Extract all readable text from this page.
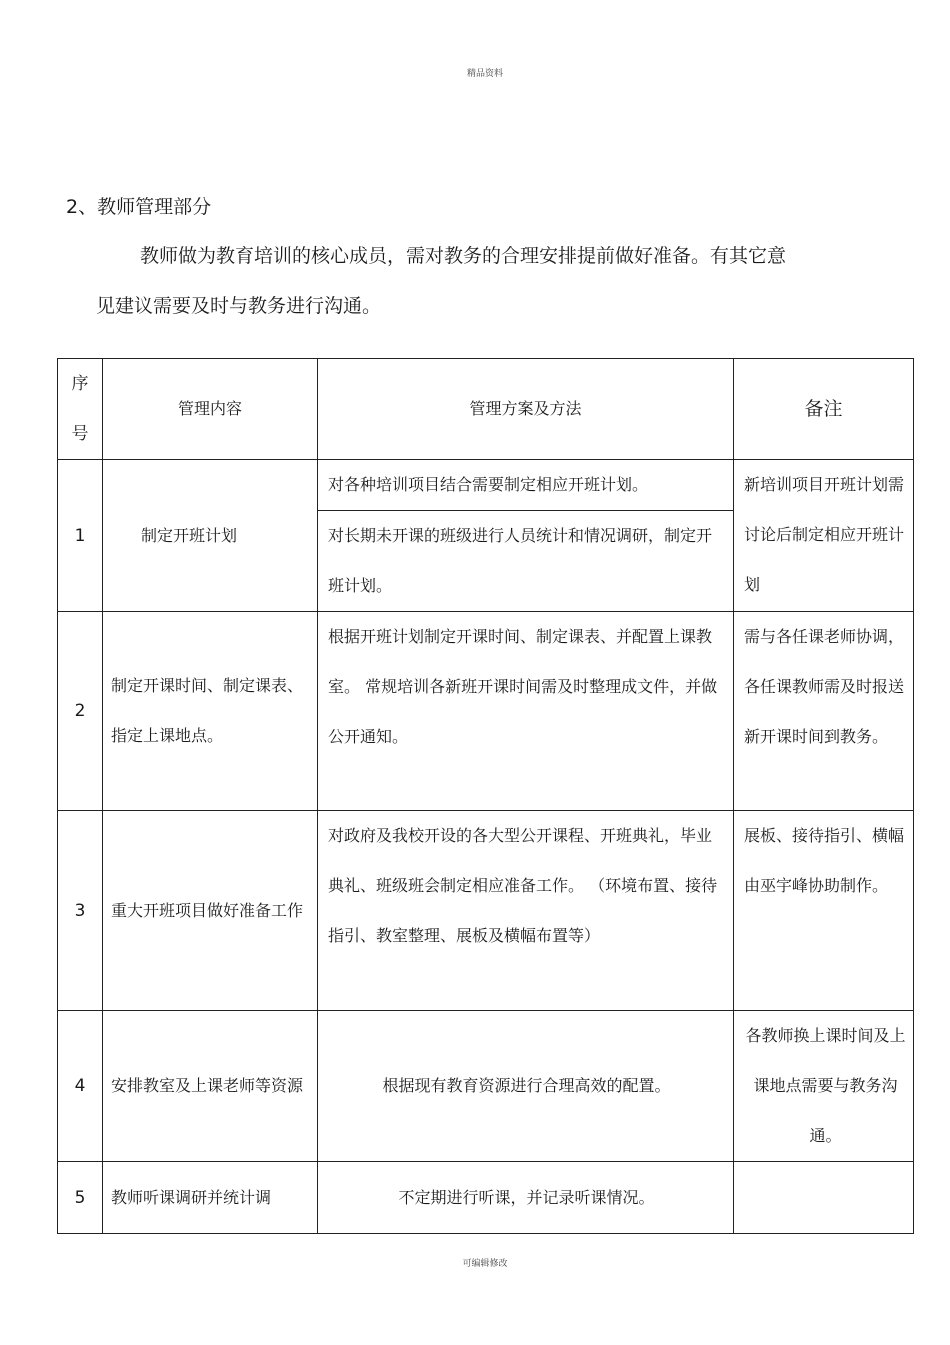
精品资料
2、教师管理部分
教师做为教育培训的核心成员，需对教务的合理安排提前做好准备。有其它意
见建议需要及时与教务进行沟通。
序
号	管理内容	管理方案及方法	备注
1	制定开班计划	对各种培训项目结合需要制定相应开班计划。	新培训项目开班计划需讨论后制定相应开班计划
		对长期未开课的班级进行人员统计和情况调研，制定开班计划。	
2	制定开课时间、制定课表、指定上课地点。	根据开班计划制定开课时间、制定课表、并配置上课教室。 常规培训各新班开课时间需及时整理成文件，并做公开通知。	需与各任课老师协调，各任课教师需及时报送新开课时间到教务。
3	重大开班项目做好准备工作	对政府及我校开设的各大型公开课程、开班典礼，毕业典礼、班级班会制定相应准备工作。 （环境布置、接待指引、教室整理、展板及横幅布置等）	展板、接待指引、横幅由巫宇峰协助制作。
4	安排教室及上课老师等资源	根据现有教育资源进行合理高效的配置。	各教师换上课时间及上课地点需要与教务沟通。
5	教师听课调研并统计调	不定期进行听课，并记录听课情况。	
可编辑修改
